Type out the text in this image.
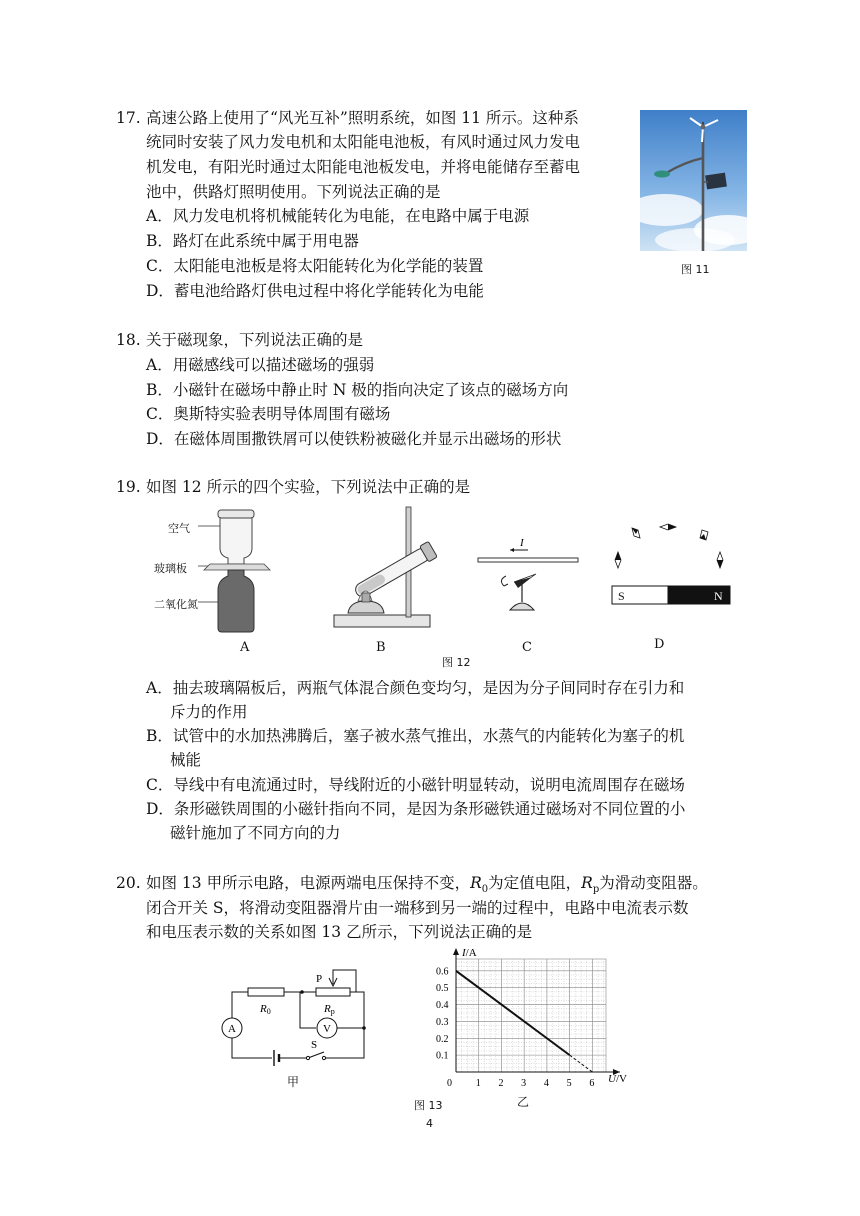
17. 高速公路上使用了“风光互补”照明系统，如图 11 所示。这种系
统同时安装了风力发电机和太阳能电池板，有风时通过风力发电
机发电，有阳光时通过太阳能电池板发电，并将电能储存至蓄电
池中，供路灯照明使用。下列说法正确的是
A．风力发电机将机械能转化为电能，在电路中属于电源
B．路灯在此系统中属于用电器
C．太阳能电池板是将太阳能转化为化学能的装置
D．蓄电池给路灯供电过程中将化学能转化为电能
图 11
18. 关于磁现象，下列说法正确的是
A．用磁感线可以描述磁场的强弱
B．小磁针在磁场中静止时 N 极的指向决定了该点的磁场方向
C．奥斯特实验表明导体周围有磁场
D．在磁体周围撒铁屑可以使铁粉被磁化并显示出磁场的形状
19. 如图 12 所示的四个实验，下列说法中正确的是
空气
玻璃板
二氧化氮
A	B
I
C
S	N
D
图 12
A．抽去玻璃隔板后，两瓶气体混合颜色变均匀，是因为分子间同时存在引力和
斥力的作用
B．试管中的水加热沸腾后，塞子被水蒸气推出，水蒸气的内能转化为塞子的机
械能
C．导线中有电流通过时，导线附近的小磁针明显转动，说明电流周围存在磁场
D．条形磁铁周围的小磁针指向不同，是因为条形磁铁通过磁场对不同位置的小
磁针施加了不同方向的力
20. 如图 13 甲所示电路，电源两端电压保持不变，$R_0$为定值电阻，$R_p$为滑动变阻器。
闭合开关 S，将滑动变阻器滑片由一端移到另一端的过程中，电路中电流表示数
和电压表示数的关系如图 13 乙所示，下列说法正确的是
P
R0	Rp
A	V
S
甲	0 1 2 3 4 5 6
0.1
0.2
0.3
0.4
0.5
0.6
I/A
U/V
乙
图 13
4
